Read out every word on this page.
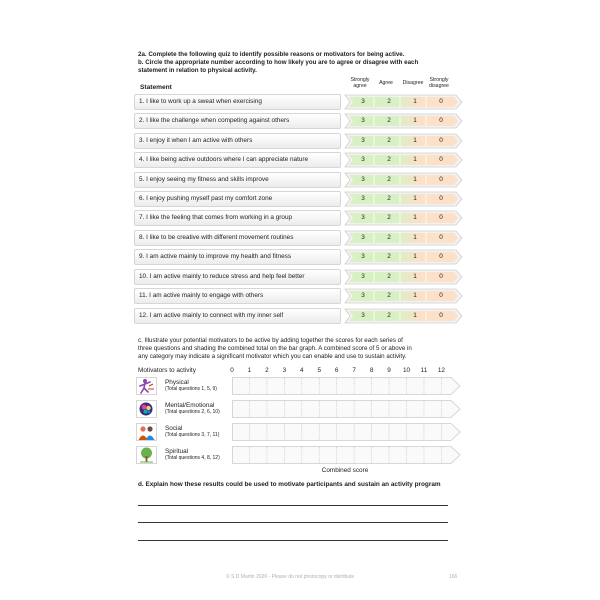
2a. Complete the following quiz to identify possible reasons or motivators for being active.
b. Circle the appropriate number according to how likely you are to agree or disagree with each
statement in relation to physical activity.
Statement
Strongly agree
Agree	Disagree	Strongly disagree
1. I like to work up a sweat when exercising	3	2	1	0
2. I like the challenge when competing against others	3	2	1	0
3. I enjoy it when I am active with others	3	2	1	0
4. I like being active outdoors where I can appreciate nature	3	2	1	0
5. I enjoy seeing my fitness and skills improve	3	2	1	0
6. I enjoy pushing myself past my comfort zone	3	2	1	0
7. I like the feeling that comes from working in a group	3	2	1	0
8. I like to be creative with different movement routines	3	2	1	0
9. I am active mainly to improve my health and fitness	3	2	1	0
10. I am active mainly to reduce stress and help feel better	3	2	1	0
11. I am active mainly to engage with others	3	2	1	0
12. I am active mainly to connect with my inner self	3	2	1	0
c. Illustrate your potential motivators to be active by adding together the scores for each series of
three questions and shading the combined total on the bar graph. A combined score of 5 or above in
any category may indicate a significant motivator which you can enable and use to sustain activity.
Motivators to activity	0	1	2	3	4	5	6	7	8	9	10	11	12
Physical
(Total questions 1, 5, 9)
Mental/Emotional
(Total questions 2, 6, 10)
Social
(Total questions 3, 7, 11)
Spiritual
(Total questions 4, 8, 12)
Combined score
d. Explain how these results could be used to motivate participants and sustain an activity program
© S D Martin 2026 - Please do not photocopy or distribute	166
